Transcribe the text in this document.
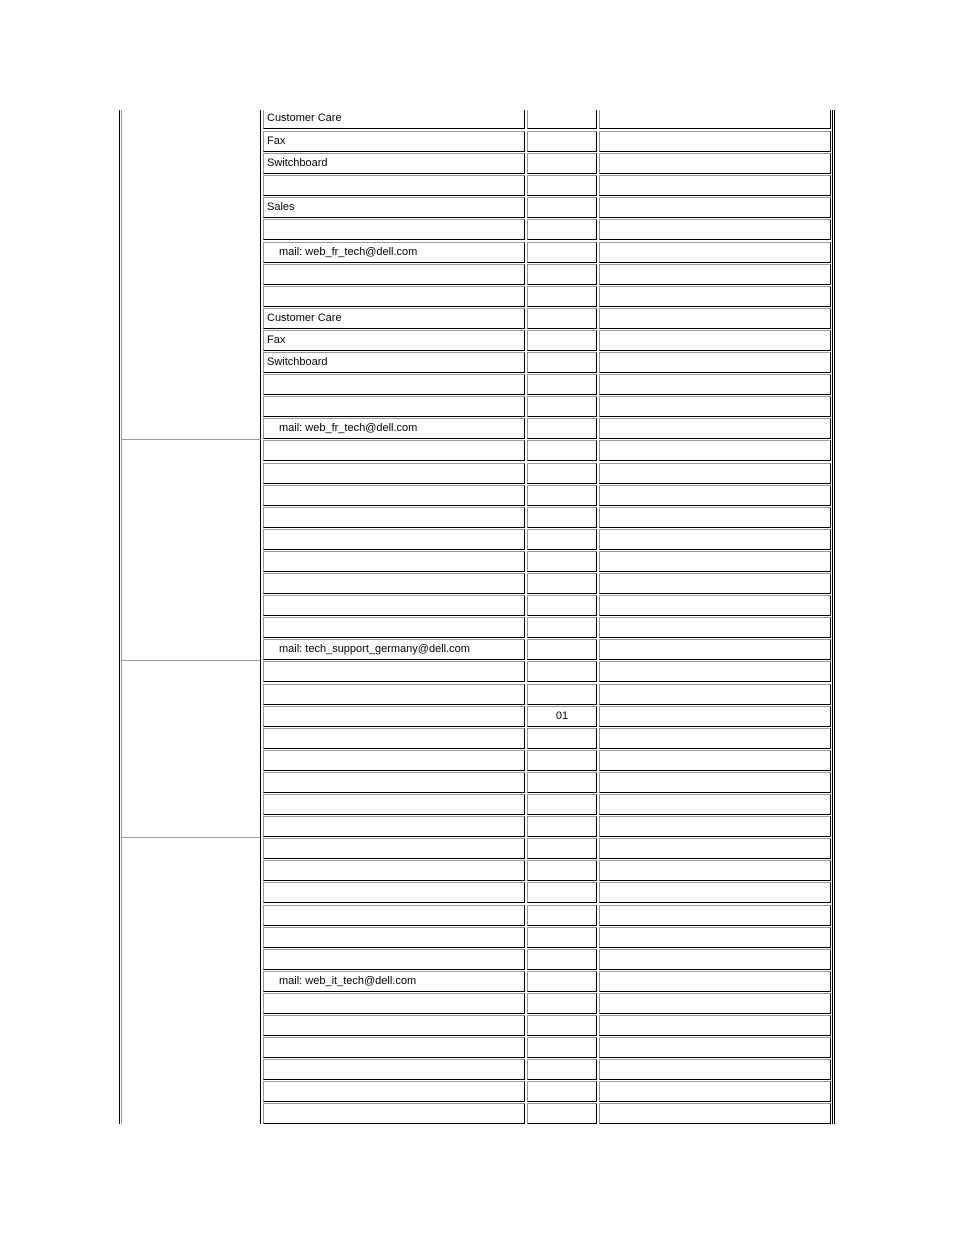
Customer Care
Fax
Switchboard
Sales
mail: web_fr_tech@dell.com
Customer Care
Fax
Switchboard
mail: web_fr_tech@dell.com
mail: tech_support_germany@dell.com
01
mail: web_it_tech@dell.com
